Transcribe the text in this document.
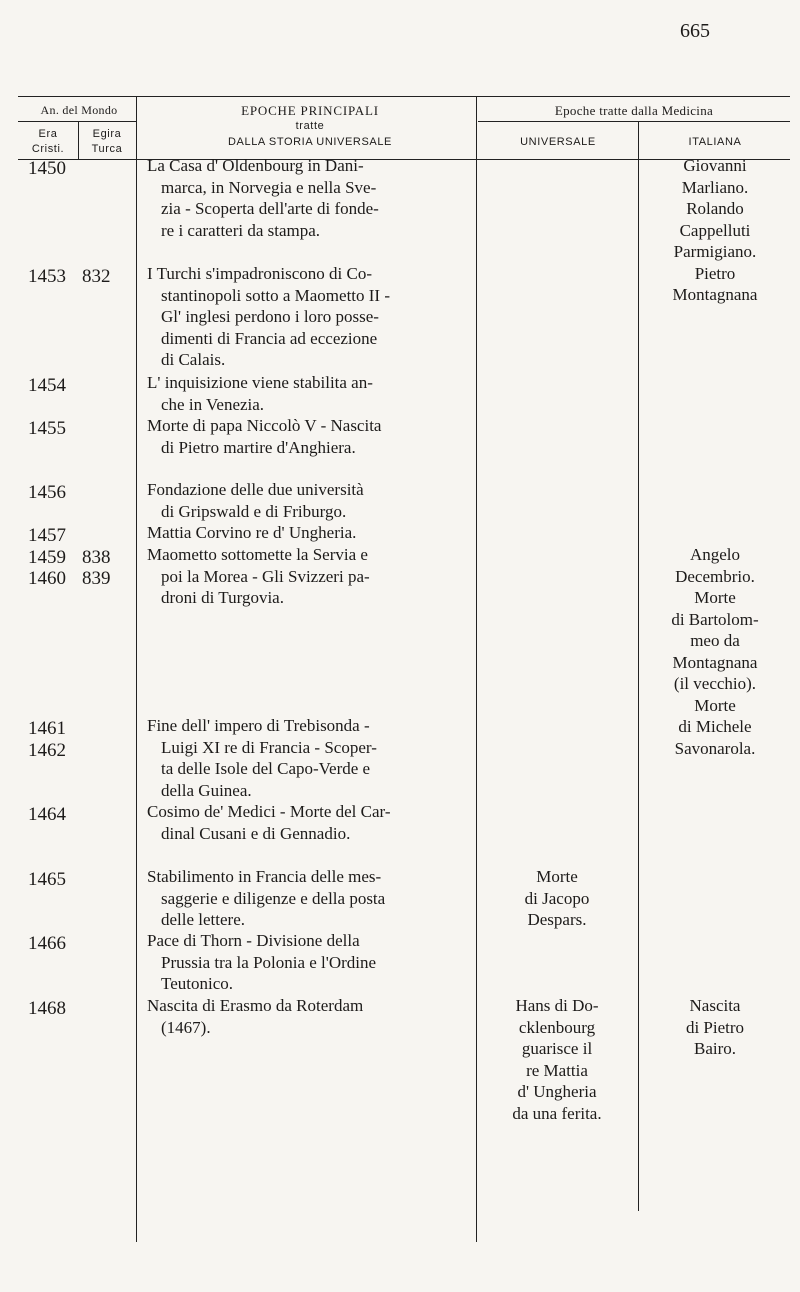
665
An. del Mondo
Era
Cristi.
Egira
Turca
EPOCHE PRINCIPALI
tratte
DALLA STORIA UNIVERSALE
Epoche tratte dalla Medicina
UNIVERSALE	ITALIANA
1450
1453
1454
1455
1456
1457
1459
1460
1461
1462
1464
1465
1466
1468
832
838
839
La Casa d' Oldenbourg in Dani-
marca, in Norvegia e nella Sve-
zia - Scoperta dell'arte di fonde-
re i caratteri da stampa.
I Turchi s'impadroniscono di Co-
stantinopoli sotto a Maometto II -
Gl' inglesi perdono i loro posse-
dimenti di Francia ad eccezione
di Calais.
L' inquisizione viene stabilita an-
che in Venezia.
Morte di papa Niccolò V - Nascita
di Pietro martire d'Anghiera.
Fondazione delle due università
di Gripswald e di Friburgo.
Mattia Corvino re d' Ungheria.
Maometto sottomette la Servia e
poi la Morea - Gli Svizzeri pa-
droni di Turgovia.
Fine dell' impero di Trebisonda -
Luigi XI re di Francia - Scoper-
ta delle Isole del Capo-Verde e
della Guinea.
Cosimo de' Medici - Morte del Car-
dinal Cusani e di Gennadio.
Stabilimento in Francia delle mes-
saggerie e diligenze e della posta
delle lettere.
Pace di Thorn - Divisione della
Prussia tra la Polonia e l'Ordine
Teutonico.
Nascita di Erasmo da Roterdam
(1467).
Morte
di Jacopo
Despars.
Hans di Do-
cklenbourg
guarisce il
re Mattia
d' Ungheria
da una ferita.
Giovanni
Marliano.
Rolando
Cappelluti
Parmigiano.
Pietro
Montagnana
Angelo
Decembrio.
Morte
di Bartolom-
meo da
Montagnana
(il vecchio).
Morte
di Michele
Savonarola.
Nascita
di Pietro
Bairo.
